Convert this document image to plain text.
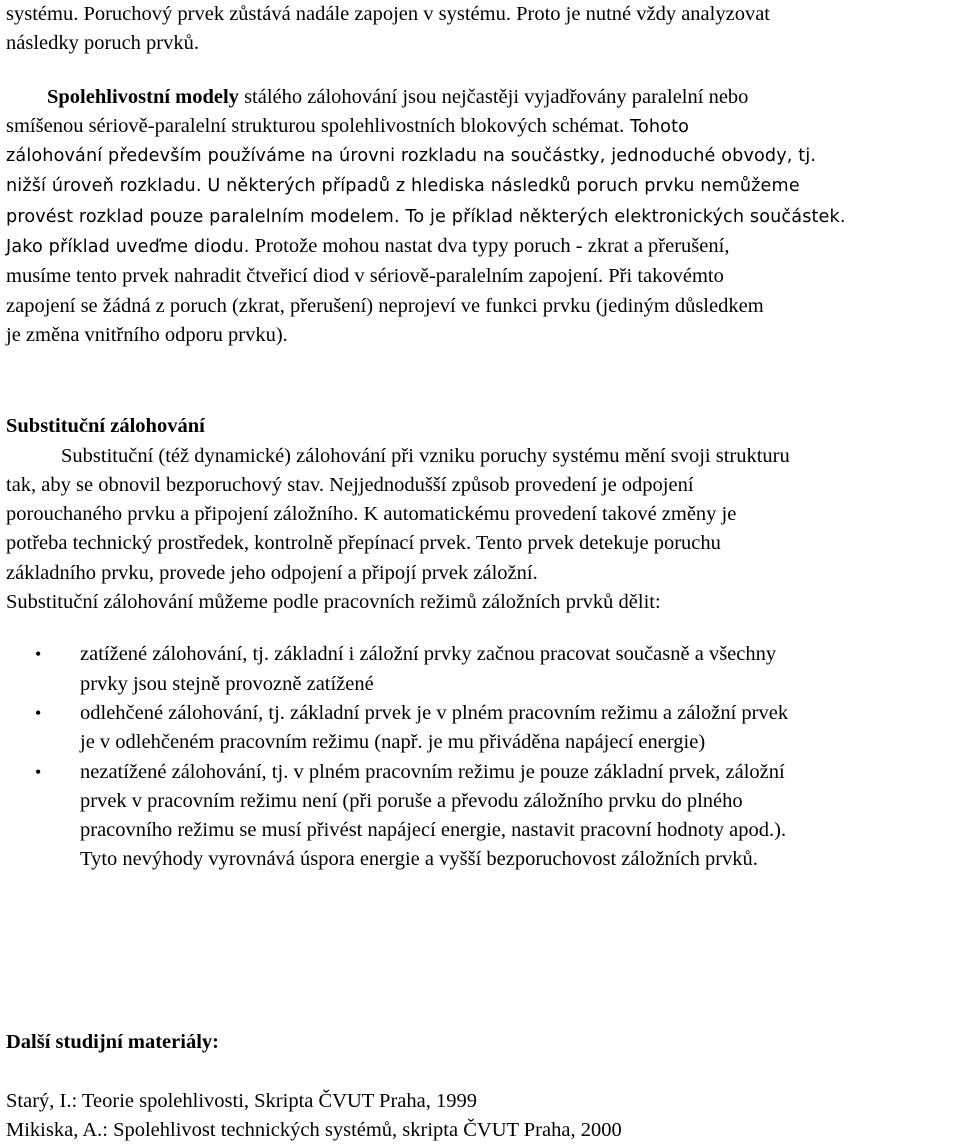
systému. Poruchový prvek zůstává nadále zapojen v systému. Proto je nutné vždy analyzovat
následky poruch prvků.

Spolehlivostní modely stálého zálohování jsou nejčastěji vyjadřovány paralelní nebo
smíšenou sériově-paralelní strukturou spolehlivostních blokových schémat. Tohoto
zálohování především používáme na úrovni rozkladu na součástky, jednoduché obvody, tj.
nižší úroveň rozkladu. U některých případů z hlediska následků poruch prvku nemůžeme
provést rozklad pouze paralelním modelem. To je příklad některých elektronických součástek.
Jako příklad uveďme diodu. Protože mohou nastat dva typy poruch - zkrat a přerušení,
musíme tento prvek nahradit čtveřicí diod v sériově-paralelním zapojení. Při takovémto
zapojení se žádná z poruch (zkrat, přerušení) neprojeví ve funkci prvku (jediným důsledkem
je změna vnitřního odporu prvku).

Substituční zálohování

Substituční (též dynamické) zálohování při vzniku poruchy systému mění svoji strukturu
tak, aby se obnovil bezporuchový stav. Nejjednodušší způsob provedení je odpojení
porouchaného prvku a připojení záložního. K automatickému provedení takové změny je
potřeba technický prostředek, kontrolně přepínací prvek. Tento prvek detekuje poruchu
základního prvku, provede jeho odpojení a připojí prvek záložní.
Substituční zálohování můžeme podle pracovních režimů záložních prvků dělit:

• zatížené zálohování, tj. základní i záložní prvky začnou pracovat současně a všechny
prvky jsou stejně provozně zatížené
• odlehčené zálohování, tj. základní prvek je v plném pracovním režimu a záložní prvek
je v odlehčeném pracovním režimu (např. je mu přiváděna napájecí energie)
• nezatížené zálohování, tj. v plném pracovním režimu je pouze základní prvek, záložní
prvek v pracovním režimu není (při poruše a převodu záložního prvku do plného
pracovního režimu se musí přivést napájecí energie, nastavit pracovní hodnoty apod.).
Tyto nevýhody vyrovnává úspora energie a vyšší bezporuchovost záložních prvků.
Další studijní materiály:

Starý, I.: Teorie spolehlivosti, Skripta ČVUT Praha, 1999
Mikiska, A.: Spolehlivost technických systémů, skripta ČVUT Praha, 2000
